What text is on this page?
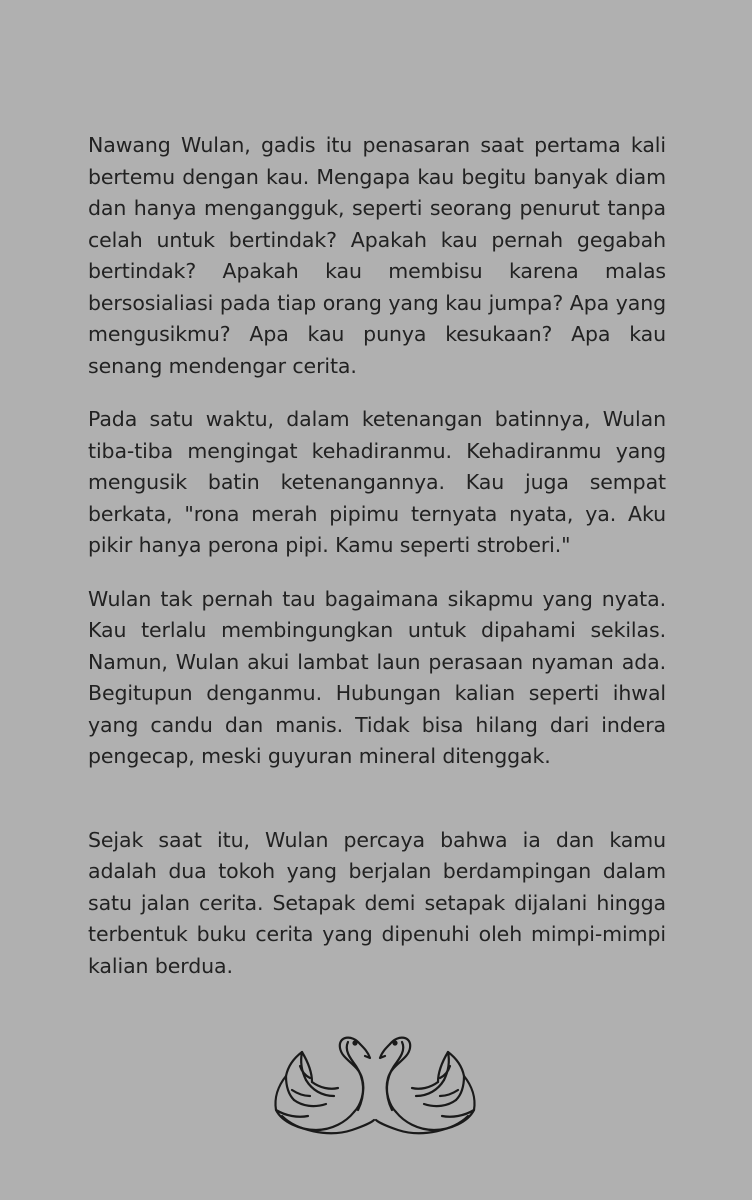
Nawang Wulan, gadis itu penasaran saat pertama kali bertemu dengan kau. Mengapa kau begitu banyak diam dan hanya mengangguk, seperti seorang penurut tanpa celah untuk bertindak? Apakah kau pernah gegabah bertindak? Apakah kau membisu karena malas bersosialiasi pada tiap orang yang kau jumpa? Apa yang mengusikmu? Apa kau punya kesukaan? Apa kau senang mendengar cerita.

Pada satu waktu, dalam ketenangan batinnya, Wulan tiba-tiba mengingat kehadiranmu. Kehadiranmu yang mengusik batin ketenangannya. Kau juga sempat berkata, "rona merah pipimu ternyata nyata, ya. Aku pikir hanya perona pipi. Kamu seperti stroberi."

Wulan tak pernah tau bagaimana sikapmu yang nyata. Kau terlalu membingungkan untuk dipahami sekilas. Namun, Wulan akui lambat laun perasaan nyaman ada. Begitupun denganmu. Hubungan kalian seperti ihwal yang candu dan manis. Tidak bisa hilang dari indera pengecap, meski guyuran mineral ditenggak.

Sejak saat itu, Wulan percaya bahwa ia dan kamu adalah dua tokoh yang berjalan berdampingan dalam satu jalan cerita. Setapak demi setapak dijalani hingga terbentuk buku cerita yang dipenuhi oleh mimpi-mimpi kalian berdua.
